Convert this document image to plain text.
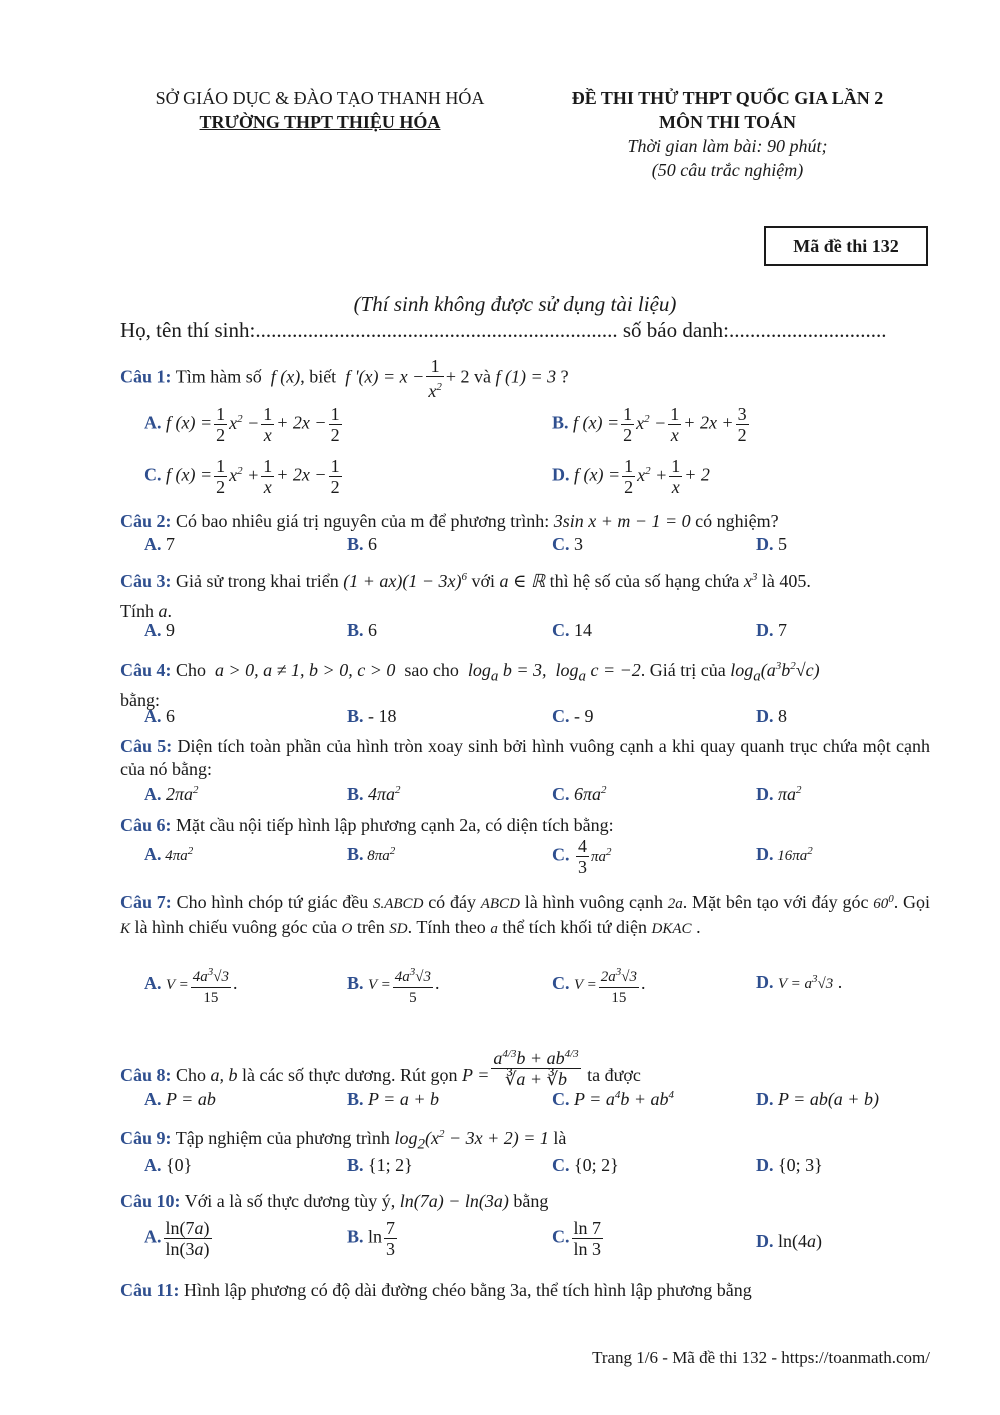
SỞ GIÁO DỤC & ĐÀO TẠO THANH HÓA
TRƯỜNG THPT THIỆU HÓA
ĐỀ THI THỬ THPT QUỐC GIA LẦN 2
MÔN THI TOÁN
Thời gian làm bài: 90 phút;
(50 câu trắc nghiệm)
Mã đề thi 132
(Thí sinh không được sử dụng tài liệu)
Họ, tên thí sinh:..................................................................... số báo danh:..............................
Câu 1: Tìm hàm số  f (x), biết  f '$(x) = x - \frac{1}{x^2} + 2$ và f (1) = 3 ?
A. f $(x) = \frac{1}{2} x^2 - \frac{1}{x} + 2x - \frac{1}{2}$	B. f $(x) = \frac{1}{2} x^2 - \frac{1}{x} + 2x + \frac{3}{2}$
C. f $(x) = \frac{1}{2} x^2 + \frac{1}{x} + 2x - \frac{1}{2}$	D. f $(x) = \frac{1}{2} x^2 + \frac{1}{x} + 2$
Câu 2: Có bao nhiêu giá trị nguyên của m để phương trình: 3sin x + m − 1 = 0 có nghiệm?
A. 7	B. 6	C. 3	D. 5
Câu 3: Giả sử trong khai triển $(1 + ax)(1 - 3x)^6$ với a ∈ ℝ thì hệ số của số hạng chứa $x^3$ là 405.
Tính a.
A. 9	B. 6	C. 14	D. 7
Câu 4: Cho  a > 0, a ≠ 1, b > 0, c > 0  sao cho  $\log_a b = 3$,  $\log_a c = -2$. Giá trị của $\log_a(a^3b^2√c)$
bằng:
A. 6	B. - 18	C. - 9	D. 8
Câu 5: Diện tích toàn phần của hình tròn xoay sinh bởi hình vuông cạnh a khi quay quanh trục chứa một cạnh của nó bằng:
A. $2\pi a^2$	B. $4\pi a^2$	C. $6\pi a^2$	D. $\pi a^2$
Câu 6: Mặt cầu nội tiếp hình lập phương cạnh 2a, có diện tích bằng:
A. $4\pi a^2$	B. $8\pi a^2$	C. $\frac{4}{3} \pi a^2$	D. $16\pi a^2$
Câu 7: Cho hình chóp tứ giác đều S.ABCD có đáy ABCD là hình vuông cạnh 2a. Mặt bên tạo với đáy góc $60^0$. Gọi K là hình chiếu vuông góc của O trên SD. Tính theo a thể tích khối tứ diện DKAC .
A. $V = \frac{4a^3√3}{15}$ .	B. $V = \frac{4a^3√3}{5}$ .	C. $V = \frac{2a^3√3}{15}$ .	D. $V = a^3√3$ .
Câu 8: Cho a, b là các số thực dương. Rút gọn $P = \frac{a^{4/3}b + ab^{4/3}}{∛a + ∛b}$ ta được
A. P = ab	B. P = a + b	C. $P = a^4b + ab^4$	D. P = ab(a + b)
Câu 9: Tập nghiệm của phương trình $\log_2(x^2 - 3x + 2) = 1$ là
A. {0}	B. {1; 2}	C. {0; 2}	D. {0; 3}
Câu 10: Với a là số thực dương tùy ý, ln(7a) − ln(3a) bằng
A. $\frac{\ln(7a)}{\ln(3a)}$	B. $\ln \frac{7}{3}$	C. $\frac{\ln 7}{\ln 3}$	D. ln(4a)
Câu 11: Hình lập phương có độ dài đường chéo bằng 3a, thể tích hình lập phương bằng
Trang 1/6 - Mã đề thi 132 - https://toanmath.com/
